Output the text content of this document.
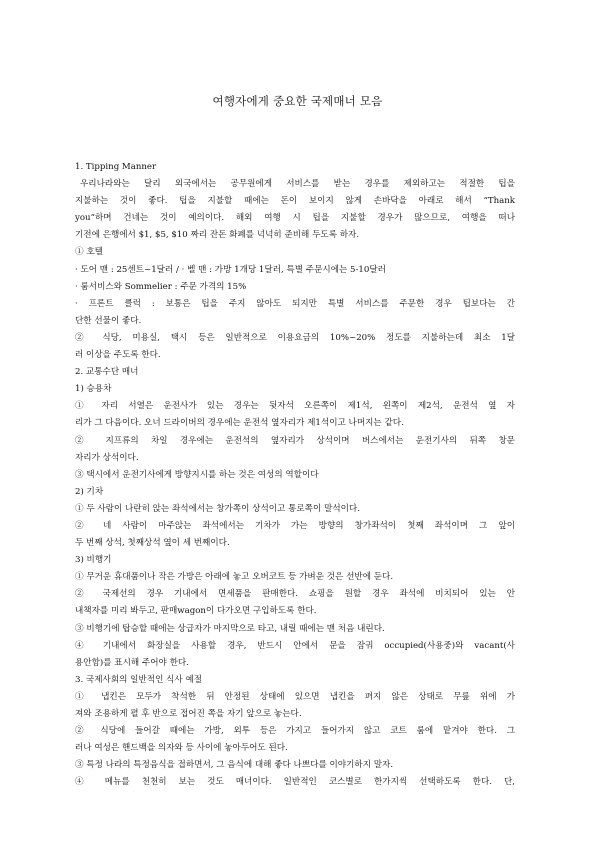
여행자에게 중요한 국제매너 모음
1. Tipping Manner
우리나라와는 달리 외국에서는 공무원에게 서비스를 받는 경우를 제외하고는 적절한 팁을
지불하는 것이 좋다. 팁을 지불할 때에는 돈이 보이지 않게 손바닥을 아래로 해서 “Thank
you”하며 건네는 것이 예의이다. 해외 여행 시 팁을 지불할 경우가 많으므로, 여행을 떠나
기전에 은행에서 $1, $5, $10 짜리 잔돈 화폐를 넉넉히 준비해 두도록 하자.
① 호텔
· 도어 맨 : 25센트~1달러 / · 벨 맨 : 가방 1개당 1달러, 특별 주문시에는 5-10달러
· 룸서비스와 Sommelier : 주문 가격의 15%
· 프론트 클럭 : 보통은 팁을 주지 않아도 되지만 특별 서비스를 주문한 경우 팁보다는 간
단한 선물이 좋다.
② 식당, 미용실, 택시 등은 일반적으로 이용요금의 10%~20% 정도를 지불하는데 최소 1달
러 이상을 주도록 한다.
2. 교통수단 매너
1) 승용차
① 자리 서열은 운전사가 있는 경우는 뒷자석 오른쪽이 제1석, 왼쪽이 제2석, 운전석 옆 자
리가 그 다음이다. 오너 드라이버의 경우에는 운전석 옆자리가 제1석이고 나머지는 같다.
② 지프류의 차일 경우에는 운전석의 옆자리가 상석이며 버스에서는 운전기사의 뒤쪽 창문
자리가 상석이다.
③ 택시에서 운전기사에게 방향지시를 하는 것은 여성의 역할이다
2) 기차
① 두 사람이 나란히 앉는 좌석에서는 창가쪽이 상석이고 통로쪽이 말석이다.
② 네 사람이 마주앉는 좌석에서는 기차가 가는 방향의 창가좌석이 첫째 좌석이며 그 앞이
두 번째 상석, 첫째상석 옆이 세 번째이다.
3) 비행기
① 무거운 휴대품이나 작은 가방은 아래에 놓고 오버코트 등 가벼운 것은 선반에 둔다.
② 국제선의 경우 기내에서 면세품을 판매한다. 쇼핑을 원할 경우 좌석에 비치되어 있는 안
내책자를 미리 봐두고, 판매wagon이 다가오면 구입하도록 한다.
③ 비행기에 탑승할 때에는 상급자가 마지막으로 타고, 내릴 때에는 맨 처음 내린다.
④ 기내에서 화장실을 사용할 경우, 반드시 안에서 문을 잠궈 occupied(사용중)와 vacant(사
용안함)를 표시해 주어야 한다.
3. 국제사회의 일반적인 식사 예절
① 냅킨은 모두가 착석한 뒤 안정된 상태에 있으면 냅킨을 펴지 않은 상태로 무릎 위에 가
져와 조용하게 펼 후 반으로 접어진 쪽을 자기 앞으로 놓는다.
② 식당에 들어갈 때에는 가방, 외투 등은 가지고 들어가지 않고 코트 룸에 맡겨야 한다. 그
러나 여성은 핸드백을 의자와 등 사이에 놓아두어도 된다.
③ 특정 나라의 특정음식을 접하면서, 그 음식에 대해 좋다 나쁘다를 이야기하지 말자.
④ 메뉴를 천천히 보는 것도 매너이다. 일반적인 코스별로 한가지씩 선택하도록 한다. 단,
